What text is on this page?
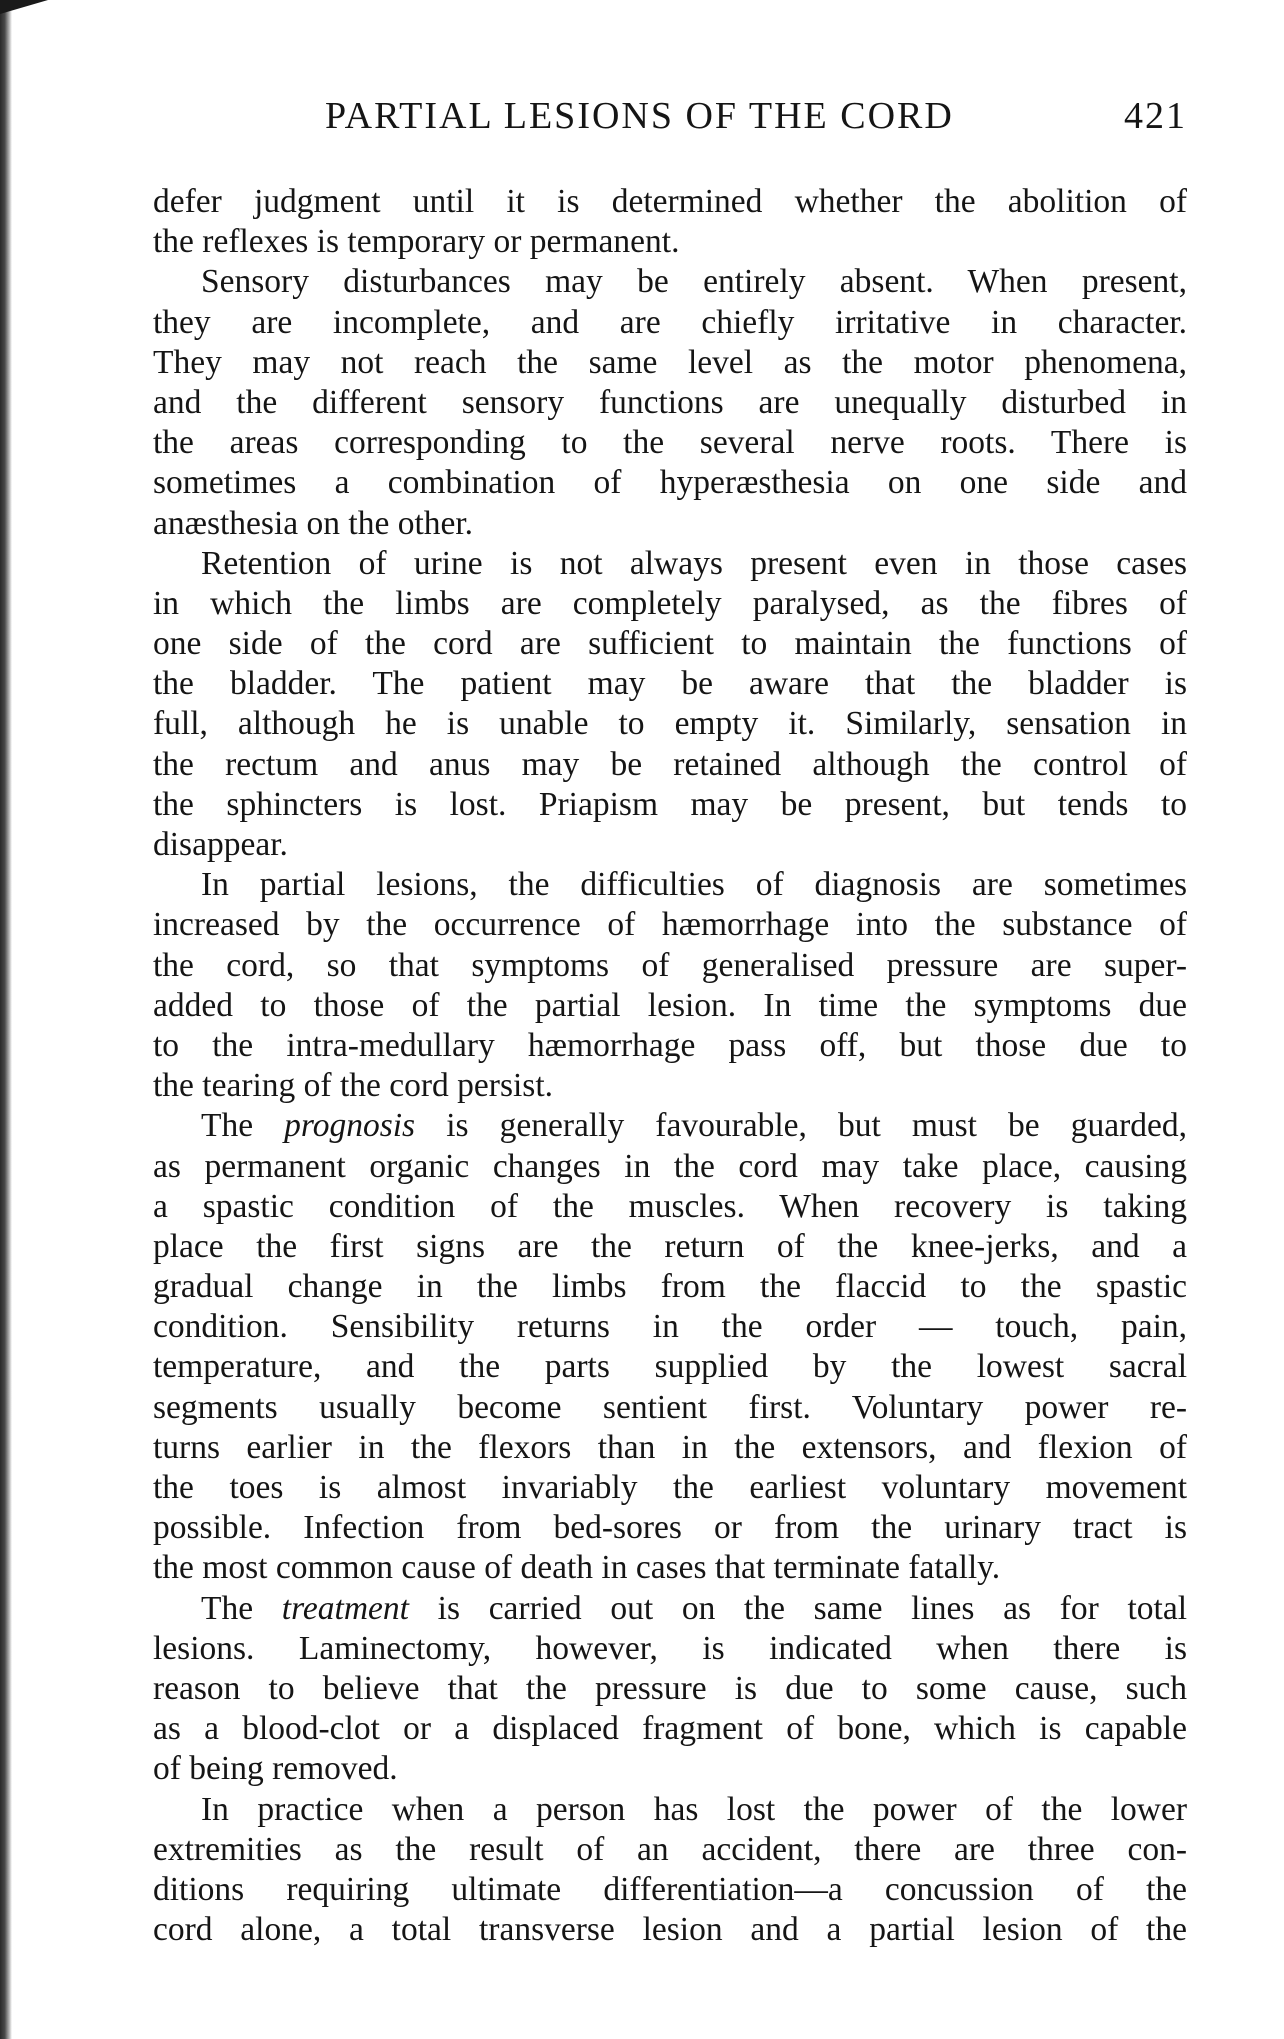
PARTIAL LESIONS OF THE CORD	421
defer judgment until it is determined whether the abolition of
the reflexes is temporary or permanent.
Sensory disturbances may be entirely absent. When present,
they are incomplete, and are chiefly irritative in character.
They may not reach the same level as the motor phenomena,
and the different sensory functions are unequally disturbed in
the areas corresponding to the several nerve roots. There is
sometimes a combination of hyperæsthesia on one side and
anæsthesia on the other.
Retention of urine is not always present even in those cases
in which the limbs are completely paralysed, as the fibres of
one side of the cord are sufficient to maintain the functions of
the bladder. The patient may be aware that the bladder is
full, although he is unable to empty it. Similarly, sensation in
the rectum and anus may be retained although the control of
the sphincters is lost. Priapism may be present, but tends to
disappear.
In partial lesions, the difficulties of diagnosis are sometimes
increased by the occurrence of hæmorrhage into the substance of
the cord, so that symptoms of generalised pressure are super-
added to those of the partial lesion. In time the symptoms due
to the intra-medullary hæmorrhage pass off, but those due to
the tearing of the cord persist.
The prognosis is generally favourable, but must be guarded,
as permanent organic changes in the cord may take place, causing
a spastic condition of the muscles. When recovery is taking
place the first signs are the return of the knee-jerks, and a
gradual change in the limbs from the flaccid to the spastic
condition. Sensibility returns in the order — touch, pain,
temperature, and the parts supplied by the lowest sacral
segments usually become sentient first. Voluntary power re-
turns earlier in the flexors than in the extensors, and flexion of
the toes is almost invariably the earliest voluntary movement
possible. Infection from bed-sores or from the urinary tract is
the most common cause of death in cases that terminate fatally.
The treatment is carried out on the same lines as for total
lesions. Laminectomy, however, is indicated when there is
reason to believe that the pressure is due to some cause, such
as a blood-clot or a displaced fragment of bone, which is capable
of being removed.
In practice when a person has lost the power of the lower
extremities as the result of an accident, there are three con-
ditions requiring ultimate differentiation—a concussion of the
cord alone, a total transverse lesion and a partial lesion of the
